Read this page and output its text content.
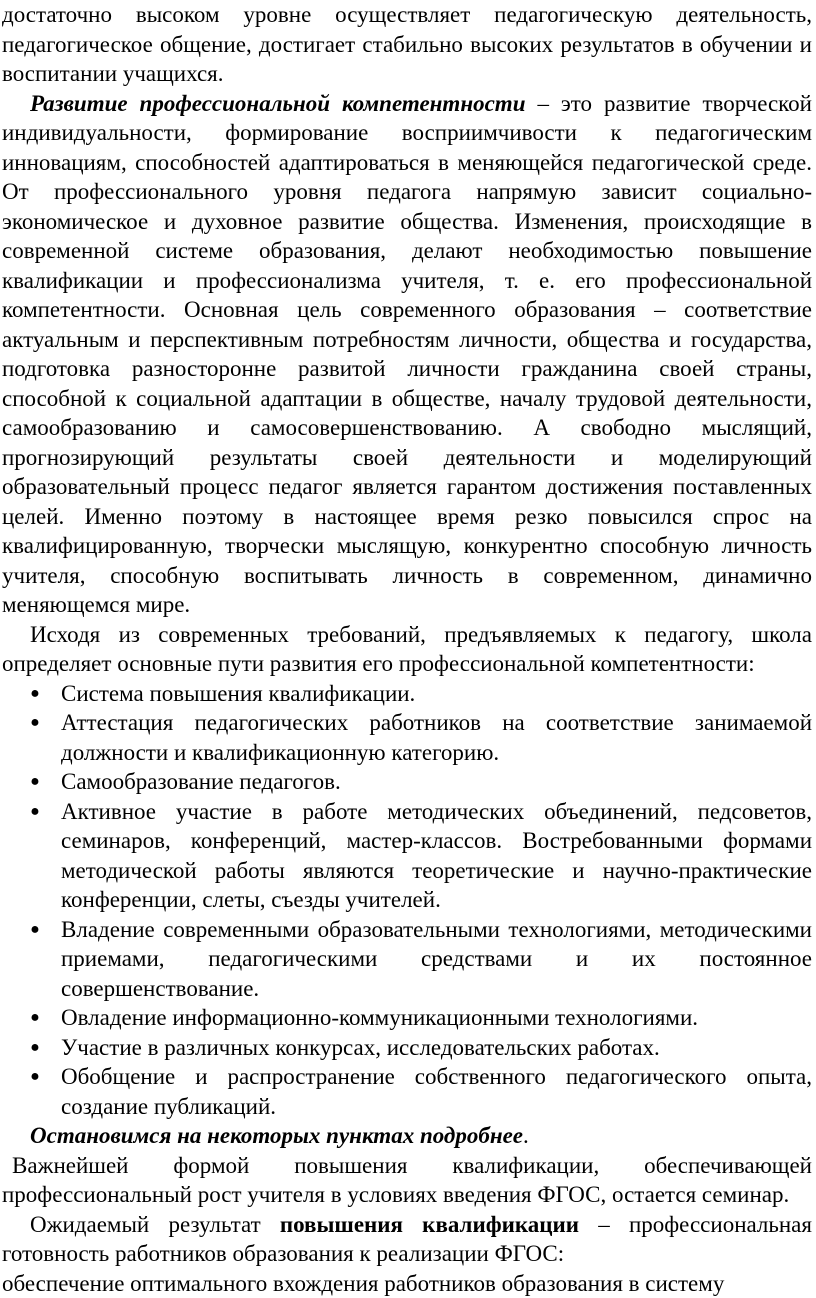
достаточно высоком уровне осуществляет педагогическую деятельность, педагогическое общение, достигает стабильно высоких результатов в обучении и воспитании учащихся.

Развитие профессиональной компетентности – это развитие творческой индивидуальности, формирование восприимчивости к педагогическим инновациям, способностей адаптироваться в меняющейся педагогической среде. От профессионального уровня педагога напрямую зависит социально-экономическое и духовное развитие общества. Изменения, происходящие в современной системе образования, делают необходимостью повышение квалификации и профессионализма учителя, т. е. его профессиональной компетентности. Основная цель современного образования – соответствие актуальным и перспективным потребностям личности, общества и государства, подготовка разносторонне развитой личности гражданина своей страны, способной к социальной адаптации в обществе, началу трудовой деятельности, самообразованию и самосовершенствованию. А свободно мыслящий, прогнозирующий результаты своей деятельности и моделирующий образовательный процесс педагог является гарантом достижения поставленных целей. Именно поэтому в настоящее время резко повысился спрос на квалифицированную, творчески мыслящую, конкурентно способную личность учителя, способную воспитывать личность в современном, динамично меняющемся мире.

Исходя из современных требований, предъявляемых к педагогу, школа определяет основные пути развития его профессиональной компетентности:

● Система повышения квалификации.
● Аттестация педагогических работников на соответствие занимаемой должности и квалификационную категорию.
● Самообразование педагогов.
● Активное участие в работе методических объединений, педсоветов, семинаров, конференций, мастер-классов. Востребованными формами методической работы являются теоретические и научно-практические конференции, слеты, съезды учителей.
● Владение современными образовательными технологиями, методическими приемами, педагогическими средствами и их постоянное совершенствование.
● Овладение информационно-коммуникационными технологиями.
● Участие в различных конкурсах, исследовательских работах.
● Обобщение и распространение собственного педагогического опыта, создание публикаций.

Остановимся на некоторых пунктах подробнее.

Важнейшей формой повышения квалификации, обеспечивающей профессиональный рост учителя в условиях введения ФГОС, остается семинар.

Ожидаемый результат повышения квалификации – профессиональная готовность работников образования к реализации ФГОС:

обеспечение оптимального вхождения работников образования в систему
